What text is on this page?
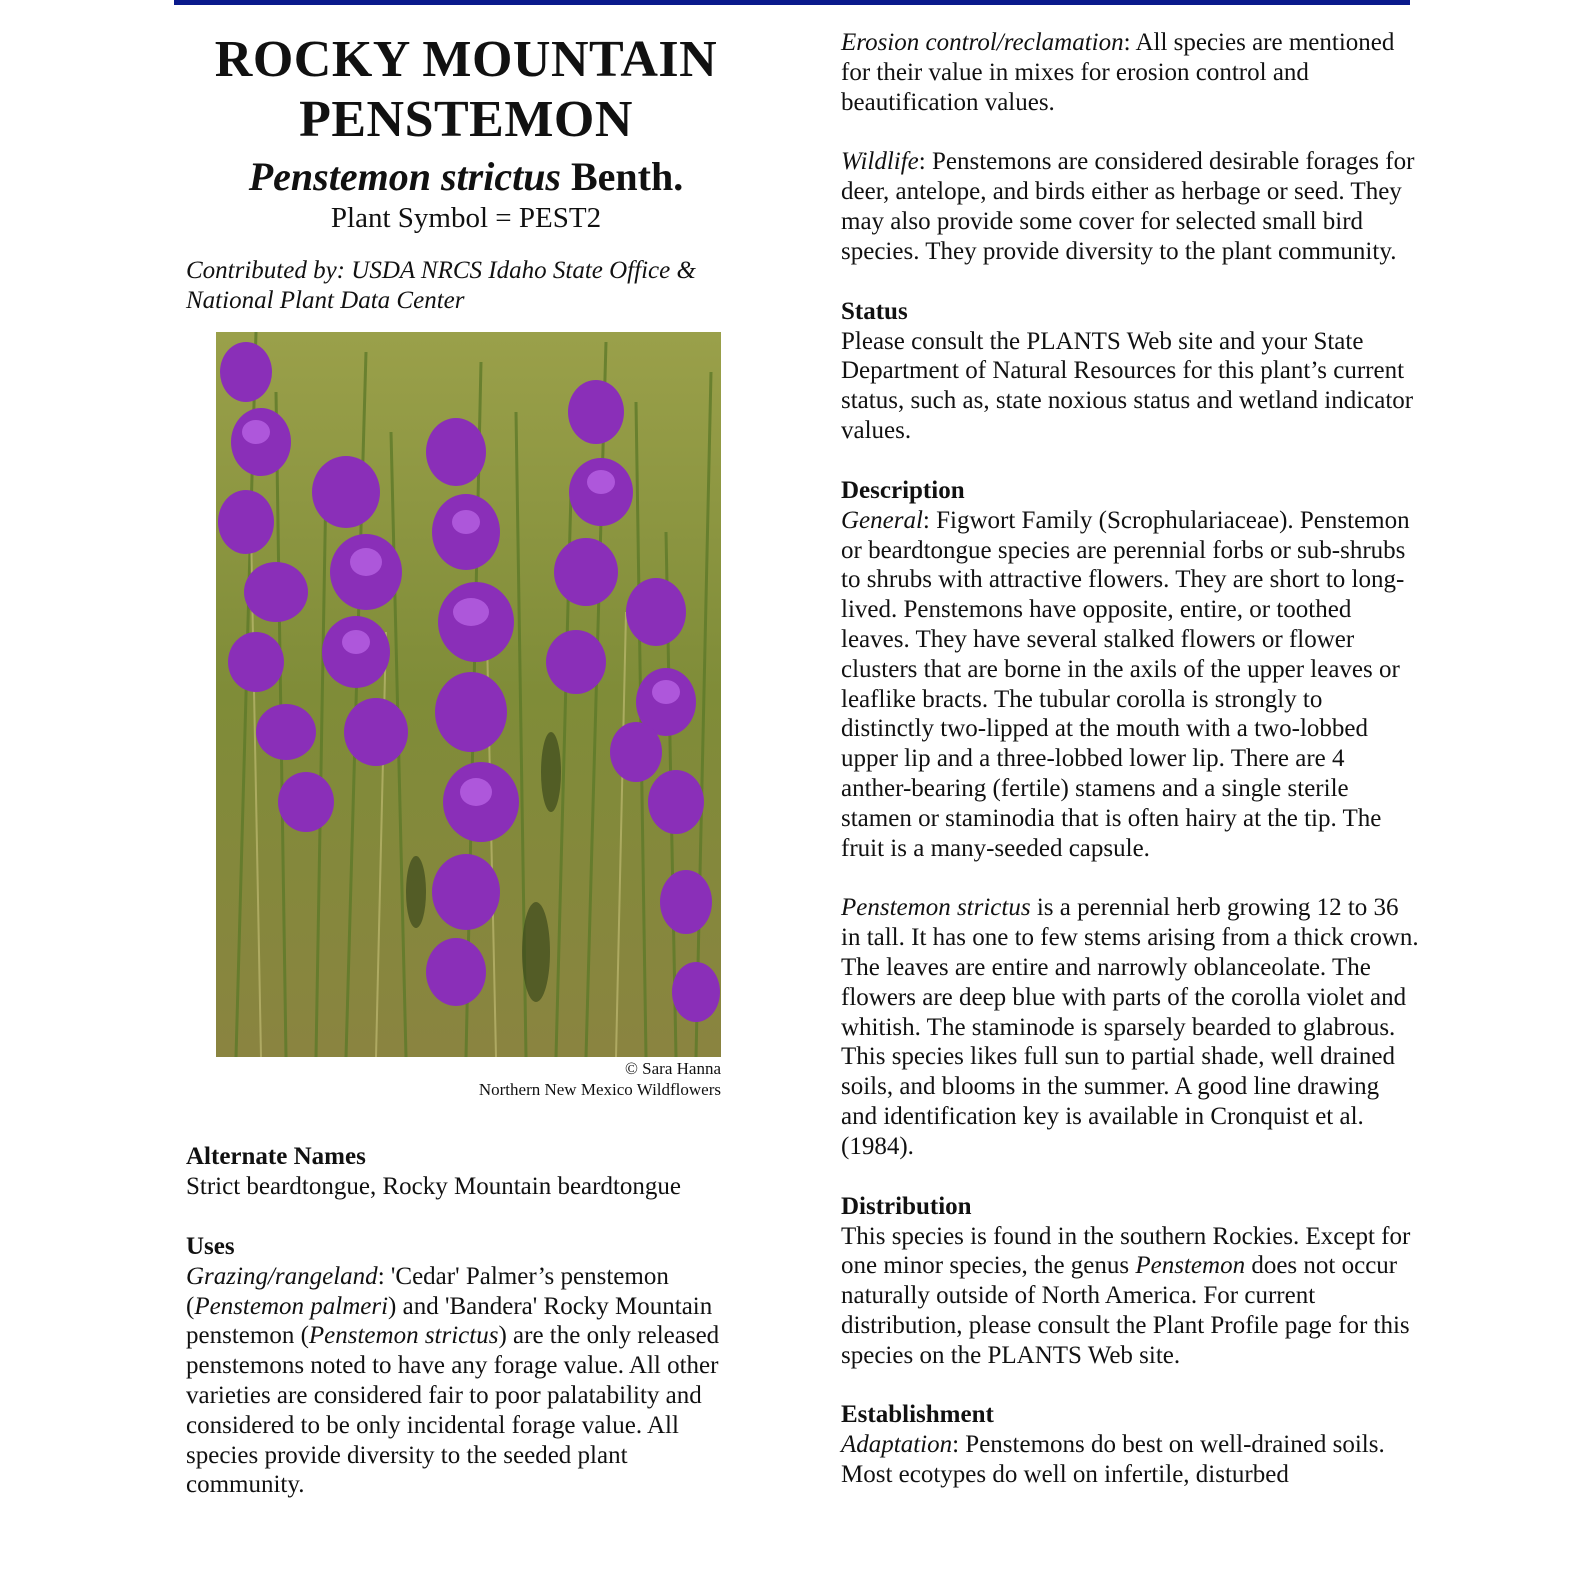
ROCKY MOUNTAIN
PENSTEMON
Penstemon strictus Benth.
Plant Symbol = PEST2
Contributed by: USDA NRCS Idaho State Office &
National Plant Data Center
© Sara Hanna
Northern New Mexico Wildflowers
Alternate Names

Strict beardtongue, Rocky Mountain beardtongue

Uses

Grazing/rangeland: 'Cedar' Palmer’s penstemon (Penstemon palmeri) and 'Bandera' Rocky Mountain penstemon (Penstemon strictus) are the only released penstemons noted to have any forage value. All other varieties are considered fair to poor palatability and considered to be only incidental forage value. All species provide diversity to the seeded plant community.

Erosion control/reclamation: All species are mentioned for their value in mixes for erosion control and beautification values.

Wildlife: Penstemons are considered desirable forages for deer, antelope, and birds either as herbage or seed. They may also provide some cover for selected small bird species. They provide diversity to the plant community.

Status

Please consult the PLANTS Web site and your State Department of Natural Resources for this plant’s current status, such as, state noxious status and wetland indicator values.

Description

General: Figwort Family (Scrophulariaceae). Penstemon or beardtongue species are perennial forbs or sub-shrubs to shrubs with attractive flowers. They are short to long-lived. Penstemons have opposite, entire, or toothed leaves. They have several stalked flowers or flower clusters that are borne in the axils of the upper leaves or leaflike bracts. The tubular corolla is strongly to distinctly two-lipped at the mouth with a two-lobbed upper lip and a three-lobbed lower lip. There are 4 anther-bearing (fertile) stamens and a single sterile stamen or staminodia that is often hairy at the tip. The fruit is a many-seeded capsule.

Penstemon strictus is a perennial herb growing 12 to 36 in tall. It has one to few stems arising from a thick crown. The leaves are entire and narrowly oblanceolate. The flowers are deep blue with parts of the corolla violet and whitish. The staminode is sparsely bearded to glabrous. This species likes full sun to partial shade, well drained soils, and blooms in the summer. A good line drawing and identification key is available in Cronquist et al. (1984).

Distribution

This species is found in the southern Rockies. Except for one minor species, the genus Penstemon does not occur naturally outside of North America. For current distribution, please consult the Plant Profile page for this species on the PLANTS Web site.

Establishment

Adaptation: Penstemons do best on well-drained soils. Most ecotypes do well on infertile, disturbed
